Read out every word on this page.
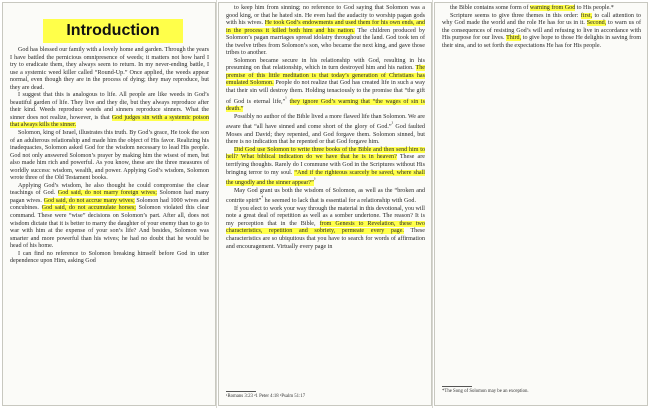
Introduction

God has blessed our family with a lovely home and garden. Through the years I have battled the pernicious omnipresence of weeds; it matters not how hard I try to eradicate them, they always seem to return. In my never-ending battle, I use a systemic weed killer called “Round-Up.” Once applied, the weeds appear normal, even though they are in the process of dying; they may reproduce, but they are dead.

I suggest that this is analogous to life. All people are like weeds in God’s beautiful garden of life. They live and they die, but they always reproduce after their kind. Weeds reproduce weeds and sinners reproduce sinners. What the sinner does not realize, however, is that God judges sin with a systemic poison that always kills the sinner.

Solomon, king of Israel, illustrates this truth. By God’s grace, He took the son of an adulterous relationship and made him the object of His favor. Realizing his inadequacies, Solomon asked God for the wisdom necessary to lead His people. God not only answered Solomon’s prayer by making him the wisest of men, but also made him rich and powerful. As you know, these are the three measures of worldly success: wisdom, wealth, and power. Applying God’s wisdom, Solomon wrote three of the Old Testament books.

Applying God’s wisdom, he also thought he could compromise the clear teachings of God. God said, do not marry foreign wives; Solomon had many pagan wives. God said, do not accrue many wives; Solomon had 1000 wives and concubines. God said, do not accumulate horses; Solomon violated this clear command. These were “wise” decisions on Solomon’s part. After all, does not wisdom dictate that it is better to marry the daughter of your enemy than to go to war with him at the expense of your son’s life? And besides, Solomon was smarter and more powerful than his wives; he had no doubt that he would be head of his home.

I can find no reference to Solomon breaking himself before God in utter dependence upon Him, asking God

to keep him from sinning; no reference to God saying that Solomon was a good king, or that he hated sin. He even had the audacity to worship pagan gods with his wives. He took God’s endowments and used them for his own ends, and in the process it killed both him and his nation. The children produced by Solomon’s pagan marriages spread idolatry throughout the land. God took ten of the twelve tribes from Solomon’s son, who became the next king, and gave those tribes to another.

Solomon became secure in his relationship with God, resulting in his presuming on that relationship, which in turn destroyed him and his nation. The premise of this little meditation is that today’s generation of Christians has emulated Solomon. People do not realize that God has created life in such a way that their sin will destroy them. Holding tenaciously to the promise that “the gift of God is eternal life,”$^{^1}$ they ignore God’s warning that “the wages of sin is death.”

Possibly no author of the Bible lived a more flawed life than Solomon. We are aware that “all have sinned and come short of the glory of God.”$^{^2}$ God faulted Moses and David; they repented, and God forgave them. Solomon sinned, but there is no indication that he repented or that God forgave him.

Did God use Solomon to write three books of the Bible and then send him to hell? What biblical indication do we have that he is in heaven? These are terrifying thoughts. Rarely do I commune with God in the Scriptures without His bringing terror to my soul. “And if the righteous scarcely be saved, where shall the ungodly and the sinner appear?”$^{^3}$

May God grant us both the wisdom of Solomon, as well as the “broken and contrite spirit”$^{^4}$ he seemed to lack that is essential for a relationship with God.

If you elect to work your way through the material in this devotional, you will note a great deal of repetition as well as a somber undertone. The reason? It is my perception that in the Bible, from Genesis to Revelation, these two characteristics, repetition and sobriety, permeate every page. These characteristics are so ubiquitous that you have to search for words of affirmation and encouragement. Virtually every page in

¹Romans 3:23 ²1 Peter 4:18 ³Psalm 51:17

the Bible contains some form of warning from God to His people.*

Scripture seems to give three themes in this order: first, to call attention to why God made the world and the role He has for us in it. Second, to warn us of the consequences of resisting God’s will and refusing to live in accordance with His purpose for our lives. Third, to give hope to those He delights in saving from their sins, and to set forth the expectations He has for His people.

*The Song of Solomon may be an exception.
